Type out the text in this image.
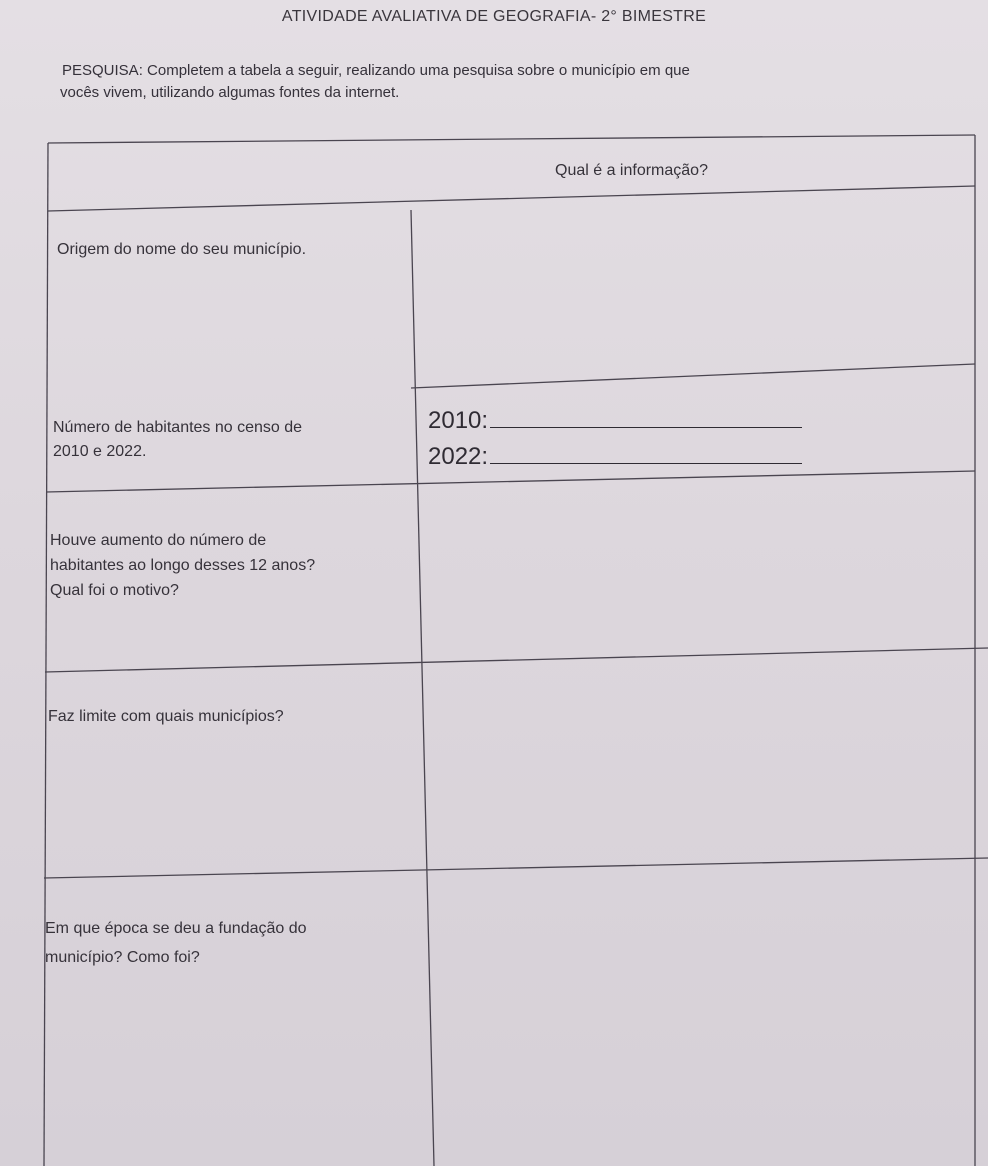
ATIVIDADE AVALIATIVA DE GEOGRAFIA- 2° BIMESTRE
PESQUISA: Completem a tabela a seguir, realizando uma pesquisa sobre o município em que
vocês vivem, utilizando algumas fontes da internet.
Qual é a informação?
Origem do nome do seu município.
Número de habitantes no censo de
2010 e 2022.
2010:
2022:
Houve aumento do número de
habitantes ao longo desses 12 anos?
Qual foi o motivo?
Faz limite com quais municípios?
Em que época se deu a fundação do
município? Como foi?
